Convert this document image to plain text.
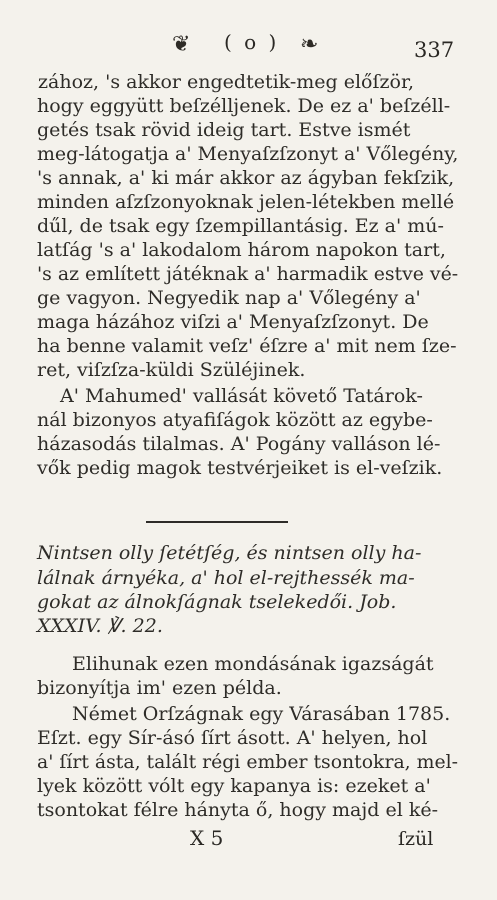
❦ ( o ) ❧	337
zához, 's akkor engedtetik-meg előſzör,
hogy eggyütt beſzélljenek. De ez a' beſzéll-
getés tsak rövid ideig tart. Estve ismét
meg-látogatja a' Menyaſzſzonyt a' Vőlegény,
's annak, a' ki már akkor az ágyban fekſzik,
minden aſzſzonyoknak jelen-létekben mellé
dűl, de tsak egy ſzempillantásig. Ez a' mú-
latſág 's a' lakodalom három napokon tart,
's az említett játéknak a' harmadik estve vé-
ge vagyon. Negyedik nap a' Vőlegény a'
maga házához viſzi a' Menyaſzſzonyt. De
ha benne valamit veſz' éſzre a' mit nem ſze-
ret, viſzſza-küldi Szüléjinek.
A' Mahumed' vallását követő Tatárok-
nál bizonyos atyafiſágok között az egybe-
házasodás tilalmas. A' Pogány valláson lé-
vők pedig magok testvérjeiket is el-veſzik.
Nintsen olly ſetétſég, és nintsen olly ha-
lálnak árnyéka, a' hol el-rejthessék ma-
gokat az álnokſágnak tselekedői. Job.
XXXIV. ℣. 22.
Elihunak ezen mondásának igazságát
bizonyítja im' ezen példa.
Német Orſzágnak egy Várasában 1785.
Eſzt. egy Sír-ásó ſírt ásott. A' helyen, hol
a' ſírt ásta, talált régi ember tsontokra, mel-
lyek között vólt egy kapanya is: ezeket a'
tsontokat félre hányta ő, hogy majd el ké-
X 5	ſzül
